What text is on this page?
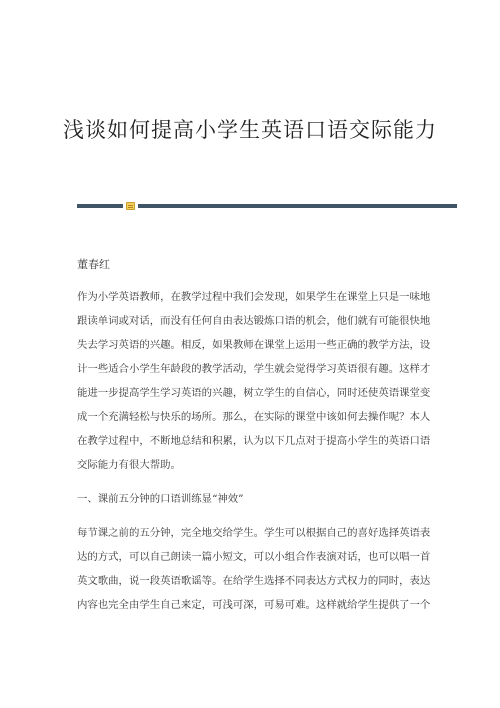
浅谈如何提高小学生英语口语交际能力
董春红
作为小学英语教师，在教学过程中我们会发现，如果学生在课堂上只是一味地
跟读单词或对话，而没有任何自由表达锻炼口语的机会，他们就有可能很快地
失去学习英语的兴趣。相反，如果教师在课堂上运用一些正确的教学方法，设
计一些适合小学生年龄段的教学活动，学生就会觉得学习英语很有趣。这样才
能进一步提高学生学习英语的兴趣，树立学生的自信心，同时还使英语课堂变
成一个充满轻松与快乐的场所。那么，在实际的课堂中该如何去操作呢？本人
在教学过程中，不断地总结和积累，认为以下几点对于提高小学生的英语口语
交际能力有很大帮助。
一、课前五分钟的口语训练显“神效”
每节课之前的五分钟，完全地交给学生。学生可以根据自己的喜好选择英语表
达的方式，可以自己朗读一篇小短文，可以小组合作表演对话，也可以唱一首
英文歌曲，说一段英语歌谣等。在给学生选择不同表达方式权力的同时，表达
内容也完全由学生自己来定，可浅可深，可易可难。这样就给学生提供了一个
